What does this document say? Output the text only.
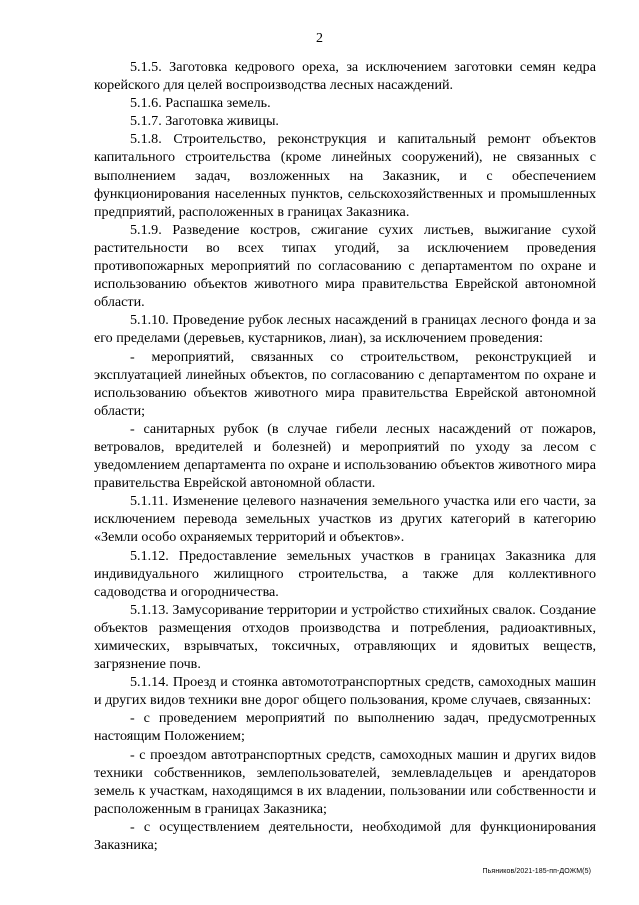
2

5.1.5. Заготовка кедрового ореха, за исключением заготовки семян кедра корейского для целей воспроизводства лесных насаждений.

5.1.6. Распашка земель.

5.1.7. Заготовка живицы.

5.1.8. Строительство, реконструкция и капитальный ремонт объектов капитального строительства (кроме линейных сооружений), не связанных с выполнением задач, возложенных на Заказник, и с обеспечением функционирования населенных пунктов, сельскохозяйственных и промышленных предприятий, расположенных в границах Заказника.

5.1.9. Разведение костров, сжигание сухих листьев, выжигание сухой растительности во всех типах угодий, за исключением проведения противопожарных мероприятий по согласованию с департаментом по охране и использованию объектов животного мира правительства Еврейской автономной области.

5.1.10. Проведение рубок лесных насаждений в границах лесного фонда и за его пределами (деревьев, кустарников, лиан), за исключением проведения:

- мероприятий, связанных со строительством, реконструкцией и эксплуатацией линейных объектов, по согласованию с департаментом по охране и использованию объектов животного мира правительства Еврейской автономной области;

- санитарных рубок (в случае гибели лесных насаждений от пожаров, ветровалов, вредителей и болезней) и мероприятий по уходу за лесом с уведомлением департамента по охране и использованию объектов животного мира правительства Еврейской автономной области.

5.1.11. Изменение целевого назначения земельного участка или его части, за исключением перевода земельных участков из других категорий в категорию «Земли особо охраняемых территорий и объектов».

5.1.12. Предоставление земельных участков в границах Заказника для индивидуального жилищного строительства, а также для коллективного садоводства и огородничества.

5.1.13. Замусоривание территории и устройство стихийных свалок. Создание объектов размещения отходов производства и потребления, радиоактивных, химических, взрывчатых, токсичных, отравляющих и ядовитых веществ, загрязнение почв.

5.1.14. Проезд и стоянка автомототранспортных средств, самоходных машин и других видов техники вне дорог общего пользования, кроме случаев, связанных:

- с проведением мероприятий по выполнению задач, предусмотренных настоящим Положением;

- с проездом автотранспортных средств, самоходных машин и других видов техники собственников, землепользователей, землевладельцев и арендаторов земель к участкам, находящимся в их владении, пользовании или собственности и расположенным в границах Заказника;

- с осуществлением деятельности, необходимой для функционирования Заказника;

Пьяников/2021-185-пп-ДОЖМ(5)
